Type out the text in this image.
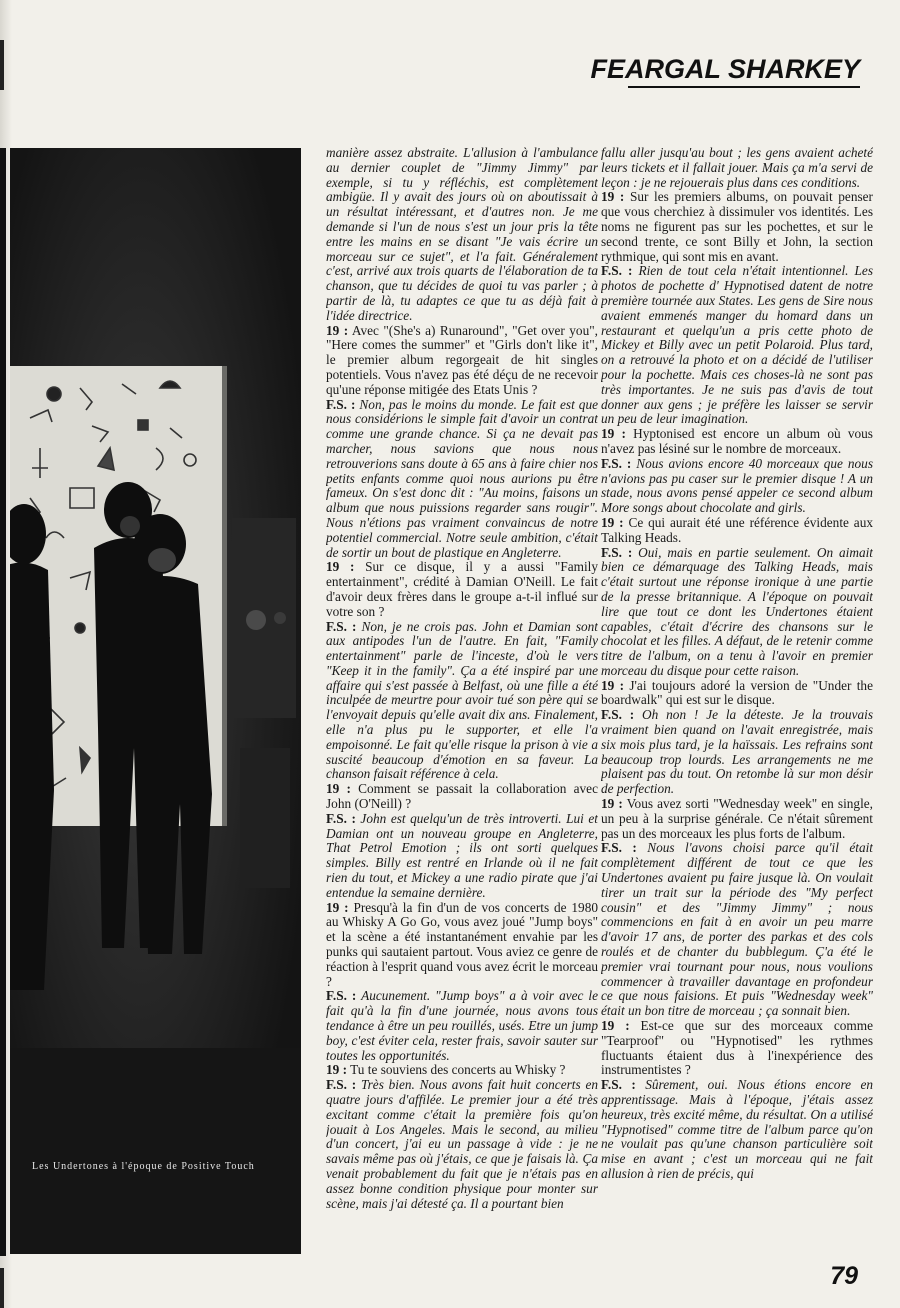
FEARGAL SHARKEY
Les Undertones à l'époque de Positive Touch

manière assez abstraite. L'allusion à l'ambulance au dernier couplet de "Jimmy Jimmy" par exemple, si tu y réfléchis, est complètement ambigüe. Il y avait des jours où on aboutissait à un résultat intéressant, et d'autres non. Je me demande si l'un de nous s'est un jour pris la tête entre les mains en se disant "Je vais écrire un morceau sur ce sujet", et l'a fait. Généralement c'est, arrivé aux trois quarts de l'élaboration de ta chanson, que tu décides de quoi tu vas parler ; à partir de là, tu adaptes ce que tu as déjà fait à l'idée directrice.

19 : Avec "(She's a) Runaround", "Get over you", "Here comes the summer" et "Girls don't like it", le premier album regorgeait de hit singles potentiels. Vous n'avez pas été déçu de ne recevoir qu'une réponse mitigée des Etats Unis ?

F.S. : Non, pas le moins du monde. Le fait est que nous considérions le simple fait d'avoir un contrat comme une grande chance. Si ça ne devait pas marcher, nous savions que nous nous retrouverions sans doute à 65 ans à faire chier nos petits enfants comme quoi nous aurions pu être fameux. On s'est donc dit : "Au moins, faisons un album que nous puissions regarder sans rougir". Nous n'étions pas vraiment convaincus de notre potentiel commercial. Notre seule ambition, c'était de sortir un bout de plastique en Angleterre.

19 : Sur ce disque, il y a aussi "Family entertainment", crédité à Damian O'Neill. Le fait d'avoir deux frères dans le groupe a-t-il influé sur votre son ?

F.S. : Non, je ne crois pas. John et Damian sont aux antipodes l'un de l'autre. En fait, "Family entertainment" parle de l'inceste, d'où le vers "Keep it in the family". Ça a été inspiré par une affaire qui s'est passée à Belfast, où une fille a été inculpée de meurtre pour avoir tué son père qui se l'envoyait depuis qu'elle avait dix ans. Finalement, elle n'a plus pu le supporter, et elle l'a empoisonné. Le fait qu'elle risque la prison à vie a suscité beaucoup d'émotion en sa faveur. La chanson faisait référence à cela.

19 : Comment se passait la collaboration avec John (O'Neill) ?

F.S. : John est quelqu'un de très introverti. Lui et Damian ont un nouveau groupe en Angleterre, That Petrol Emotion ; ils ont sorti quelques simples. Billy est rentré en Irlande où il ne fait rien du tout, et Mickey a une radio pirate que j'ai entendue la semaine dernière.

19 : Presqu'à la fin d'un de vos concerts de 1980 au Whisky A Go Go, vous avez joué "Jump boys" et la scène a été instantanément envahie par les punks qui sautaient partout. Vous aviez ce genre de réaction à l'esprit quand vous avez écrit le morceau ?

F.S. : Aucunement. "Jump boys" a à voir avec le fait qu'à la fin d'une journée, nous avons tous tendance à être un peu rouillés, usés. Etre un jump boy, c'est éviter cela, rester frais, savoir sauter sur toutes les opportunités.

19 : Tu te souviens des concerts au Whisky ?

F.S. : Très bien. Nous avons fait huit concerts en quatre jours d'affilée. Le premier jour a été très excitant comme c'était la première fois qu'on jouait à Los Angeles. Mais le second, au milieu d'un concert, j'ai eu un passage à vide : je ne savais même pas où j'étais, ce que je faisais là. Ça venait probablement du fait que je n'étais pas en assez bonne condition physique pour monter sur scène, mais j'ai détesté ça. Il a pourtant bien

fallu aller jusqu'au bout ; les gens avaient acheté leurs tickets et il fallait jouer. Mais ça m'a servi de leçon : je ne rejouerais plus dans ces conditions.

19 : Sur les premiers albums, on pouvait penser que vous cherchiez à dissimuler vos identités. Les noms ne figurent pas sur les pochettes, et sur le second trente, ce sont Billy et John, la section rythmique, qui sont mis en avant.

F.S. : Rien de tout cela n'était intentionnel. Les photos de pochette d' Hypnotised datent de notre première tournée aux States. Les gens de Sire nous avaient emmenés manger du homard dans un restaurant et quelqu'un a pris cette photo de Mickey et Billy avec un petit Polaroid. Plus tard, on a retrouvé la photo et on a décidé de l'utiliser pour la pochette. Mais ces choses-là ne sont pas très importantes. Je ne suis pas d'avis de tout donner aux gens ; je préfère les laisser se servir un peu de leur imagination.

19 : Hyptonised est encore un album où vous n'avez pas lésiné sur le nombre de morceaux.

F.S. : Nous avions encore 40 morceaux que nous n'avions pas pu caser sur le premier disque ! A un stade, nous avons pensé appeler ce second album More songs about chocolate and girls.

19 : Ce qui aurait été une référence évidente aux Talking Heads.

F.S. : Oui, mais en partie seulement. On aimait bien ce démarquage des Talking Heads, mais c'était surtout une réponse ironique à une partie de la presse britannique. A l'époque on pouvait lire que tout ce dont les Undertones étaient capables, c'était d'écrire des chansons sur le chocolat et les filles. A défaut, de le retenir comme titre de l'album, on a tenu à l'avoir en premier morceau du disque pour cette raison.

19 : J'ai toujours adoré la version de "Under the boardwalk" qui est sur le disque.

F.S. : Oh non ! Je la déteste. Je la trouvais vraiment bien quand on l'avait enregistrée, mais six mois plus tard, je la haïssais. Les refrains sont beaucoup trop lourds. Les arrangements ne me plaisent pas du tout. On retombe là sur mon désir de perfection.

19 : Vous avez sorti "Wednesday week" en single, un peu à la surprise générale. Ce n'était sûrement pas un des morceaux les plus forts de l'album.

F.S. : Nous l'avons choisi parce qu'il était complètement différent de tout ce que les Undertones avaient pu faire jusque là. On voulait tirer un trait sur la période des "My perfect cousin" et des "Jimmy Jimmy" ; nous commencions en fait à en avoir un peu marre d'avoir 17 ans, de porter des parkas et des cols roulés et de chanter du bubblegum. Ç'a été le premier vrai tournant pour nous, nous voulions commencer à travailler davantage en profondeur ce que nous faisions. Et puis "Wednesday week" était un bon titre de morceau ; ça sonnait bien.

19 : Est-ce que sur des morceaux comme "Tearproof" ou "Hypnotised" les rythmes fluctuants étaient dus à l'inexpérience des instrumentistes ?

F.S. : Sûrement, oui. Nous étions encore en apprentissage. Mais à l'époque, j'étais assez heureux, très excité même, du résultat. On a utilisé "Hypnotised" comme titre de l'album parce qu'on ne voulait pas qu'une chanson particulière soit mise en avant ; c'est un morceau qui ne fait allusion à rien de précis, qui

79
